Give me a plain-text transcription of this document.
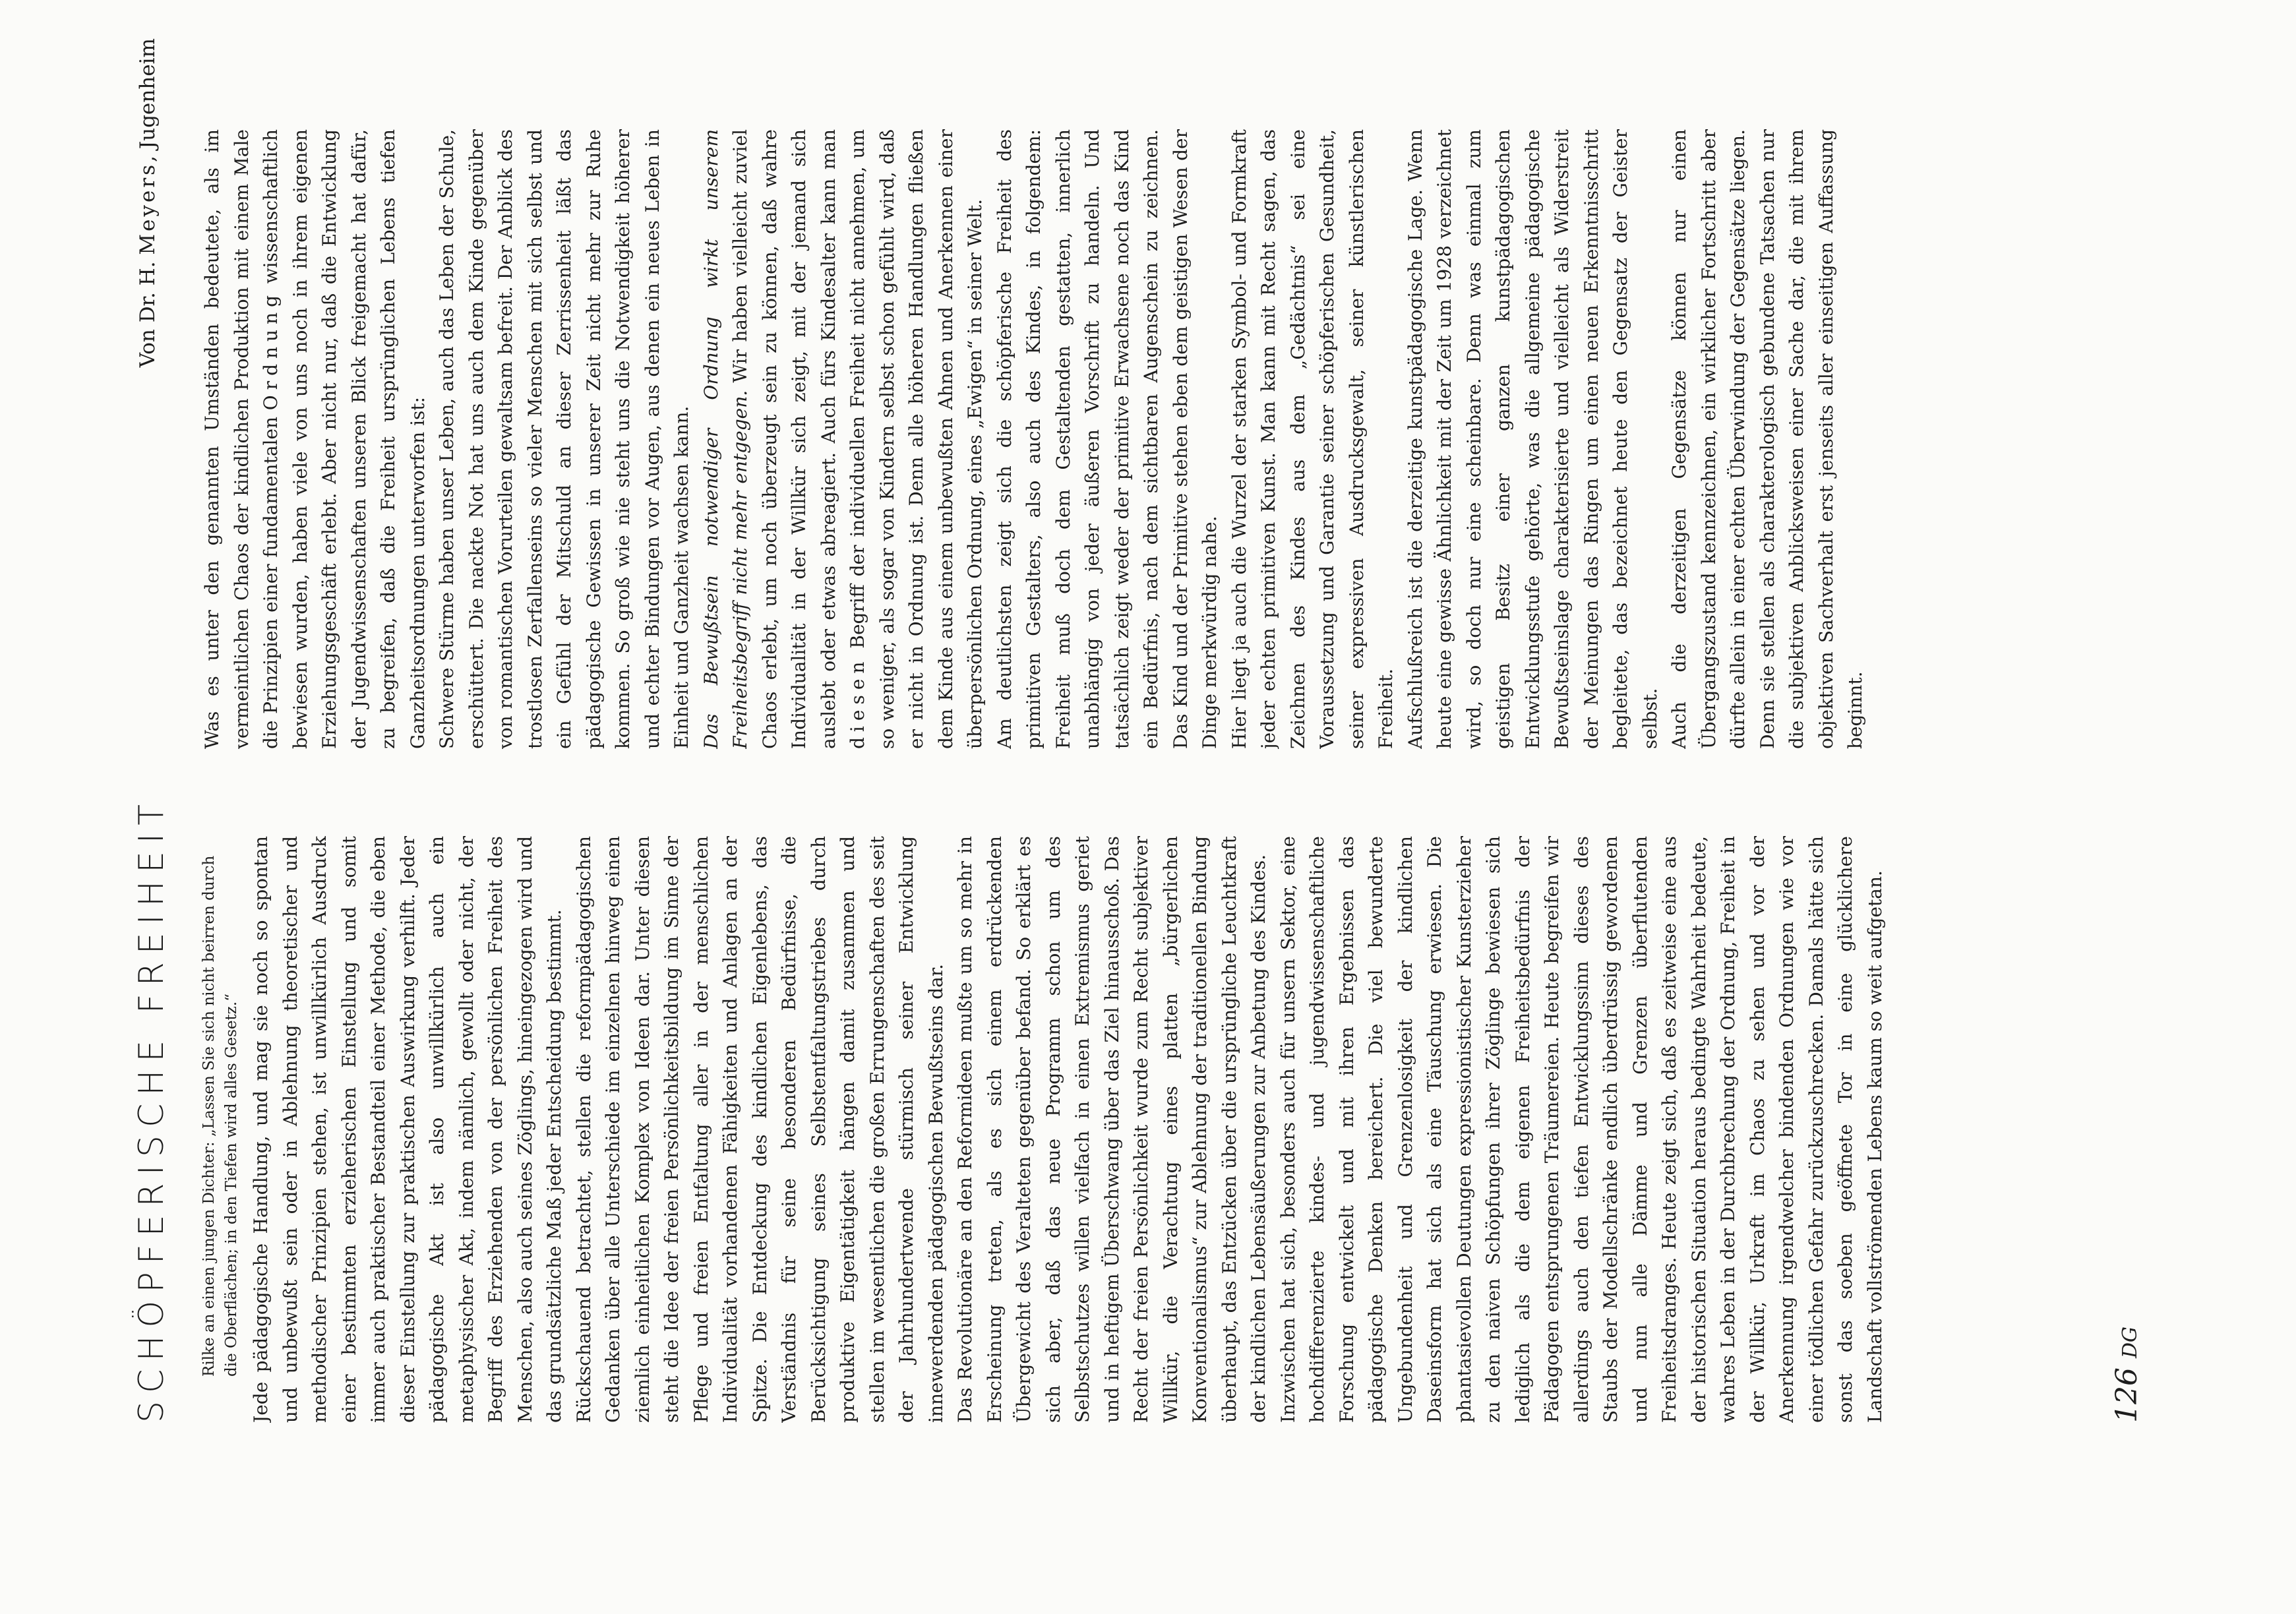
SCHÖPFERISCHE FREIHEIT
Von Dr. H. Meyers, Jugenheim

Rilke an einen jungen Dichter: „Lassen Sie sich nicht beirren durch die Oberflächen; in den Tiefen wird alles Gesetz.“ Jede pädagogische Handlung, und mag sie noch so spontan und unbewußt sein oder in Ablehnung theoretischer und methodischer Prinzipien stehen, ist unwillkürlich Ausdruck einer bestimmten erzieherischen Einstellung und somit immer auch praktischer Bestandteil einer Methode, die eben dieser Einstellung zur praktischen Auswirkung verhilft. Jeder pädagogische Akt ist also unwillkürlich auch ein metaphysischer Akt, indem nämlich, gewollt oder nicht, der Begriff des Erziehenden von der persönlichen Freiheit des Menschen, also auch seines Zöglings, hineingezogen wird und das grundsätzliche Maß jeder Entscheidung bestimmt. Rückschauend betrachtet, stellen die reformpädagogischen Gedanken über alle Unterschiede im einzelnen hinweg einen ziemlich einheitlichen Komplex von Ideen dar. Unter diesen steht die Idee der freien Persönlichkeitsbildung im Sinne der Pflege und freien Entfaltung aller in der menschlichen Individualität vorhandenen Fähigkeiten und Anlagen an der Spitze. Die Entdeckung des kindlichen Eigenlebens, das Verständnis für seine besonderen Bedürfnisse, die Berücksichtigung seines Selbstentfaltungstriebes durch produktive Eigentätigkeit hängen damit zusammen und stellen im wesentlichen die großen Errungenschaften des seit der Jahrhundertwende stürmisch seiner Entwicklung innewerdenden pädagogischen Bewußtseins dar. Das Revolutionäre an den Reformideen mußte um so mehr in Erscheinung treten, als es sich einem erdrückenden Übergewicht des Veralteten gegenüber befand. So erklärt es sich aber, daß das neue Programm schon um des Selbstschutzes willen vielfach in einen Extremismus geriet und in heftigem Überschwang über das Ziel hinausschoß. Das Recht der freien Persönlichkeit wurde zum Recht subjektiver Willkür, die Verachtung eines platten „bürgerlichen Konventionalismus“ zur Ablehnung der traditionellen Bindung überhaupt, das Entzücken über die ursprüngliche Leuchtkraft der kindlichen Lebensäußerungen zur Anbetung des Kindes. Inzwischen hat sich, besonders auch für unsern Sektor, eine hochdifferenzierte kindes- und jugendwissenschaftliche Forschung entwickelt und mit ihren Ergebnissen das pädagogische Denken bereichert. Die viel bewunderte Ungebundenheit und Grenzenlosigkeit der kindlichen Daseinsform hat sich als eine Täuschung erwiesen. Die phantasievollen Deutungen expressionistischer Kunsterzieher zu den naiven Schöpfungen ihrer Zöglinge bewiesen sich lediglich als die dem eigenen Freiheitsbedürfnis der Pädagogen entsprungenen Träumereien. Heute begreifen wir allerdings auch den tiefen Entwicklungssinn dieses des Staubs der Modellschränke endlich überdrüssig gewordenen und nun alle Dämme und Grenzen überflutenden Freiheitsdranges. Heute zeigt sich, daß es zeitweise eine aus der historischen Situation heraus bedingte Wahrheit bedeute, wahres Leben in der Durchbrechung der Ordnung, Freiheit in der Willkür, Urkraft im Chaos zu sehen und vor der Anerkennung irgendwelcher bindenden Ordnungen wie vor einer tödlichen Gefahr zurückzuschrecken. Damals hätte sich sonst das soeben geöffnete Tor in eine glücklichere Landschaft vollströmenden Lebens kaum so weit aufgetan.

Was es unter den genannten Umständen bedeutete, als im vermeintlichen Chaos der kindlichen Produktion mit einem Male die Prinzipien einer fundamentalen Ordnung wissenschaftlich bewiesen wurden, haben viele von uns noch in ihrem eigenen Erziehungsgeschäft erlebt. Aber nicht nur, daß die Entwicklung der Jugendwissenschaften unseren Blick freigemacht hat dafür, zu begreifen, daß die Freiheit ursprünglichen Lebens tiefen Ganzheitsordnungen unterworfen ist: Schwere Stürme haben unser Leben, auch das Leben der Schule, erschüttert. Die nackte Not hat uns auch dem Kinde gegenüber von romantischen Vorurteilen gewaltsam befreit. Der Anblick des trostlosen Zerfallenseins so vieler Menschen mit sich selbst und ein Gefühl der Mitschuld an dieser Zerrissenheit läßt das pädagogische Gewissen in unserer Zeit nicht mehr zur Ruhe kommen. So groß wie nie steht uns die Notwendigkeit höherer und echter Bindungen vor Augen, aus denen ein neues Leben in Einheit und Ganzheit wachsen kann. Das Bewußtsein notwendiger Ordnung wirkt unserem Freiheitsbegriff nicht mehr entgegen. Wir haben vielleicht zuviel Chaos erlebt, um noch überzeugt sein zu können, daß wahre Individualität in der Willkür sich zeigt, mit der jemand sich auslebt oder etwas abreagiert. Auch fürs Kindesalter kann man diesen Begriff der individuellen Freiheit nicht annehmen, um so weniger, als sogar von Kindern selbst schon gefühlt wird, daß er nicht in Ordnung ist. Denn alle höheren Handlungen fließen dem Kinde aus einem unbewußten Ahnen und Anerkennen einer überpersönlichen Ordnung, eines „Ewigen“ in seiner Welt. Am deutlichsten zeigt sich die schöpferische Freiheit des primitiven Gestalters, also auch des Kindes, in folgendem: Freiheit muß doch dem Gestaltenden gestatten, innerlich unabhängig von jeder äußeren Vorschrift zu handeln. Und tatsächlich zeigt weder der primitive Erwachsene noch das Kind ein Bedürfnis, nach dem sichtbaren Augenschein zu zeichnen. Das Kind und der Primitive stehen eben dem geistigen Wesen der Dinge merkwürdig nahe. Hier liegt ja auch die Wurzel der starken Symbol- und Formkraft jeder echten primitiven Kunst. Man kann mit Recht sagen, das Zeichnen des Kindes aus dem „Gedächtnis“ sei eine Voraussetzung und Garantie seiner schöpferischen Gesundheit, seiner expressiven Ausdrucksgewalt, seiner künstlerischen Freiheit. Aufschlußreich ist die derzeitige kunstpädagogische Lage. Wenn heute eine gewisse Ähnlichkeit mit der Zeit um 1928 verzeichnet wird, so doch nur eine scheinbare. Denn was einmal zum geistigen Besitz einer ganzen kunstpädagogischen Entwicklungsstufe gehörte, was die allgemeine pädagogische Bewußtseinslage charakterisierte und vielleicht als Widerstreit der Meinungen das Ringen um einen neuen Erkenntnisschritt begleitete, das bezeichnet heute den Gegensatz der Geister selbst. Auch die derzeitigen Gegensätze können nur einen Übergangszustand kennzeichnen, ein wirklicher Fortschritt aber dürfte allein in einer echten Überwindung der Gegensätze liegen. Denn sie stellen als charakterologisch gebundene Tatsachen nur die subjektiven Anblicksweisen einer Sache dar, die mit ihrem objektiven Sachverhalt erst jenseits aller einseitigen Auffassung beginnt.

126DG
